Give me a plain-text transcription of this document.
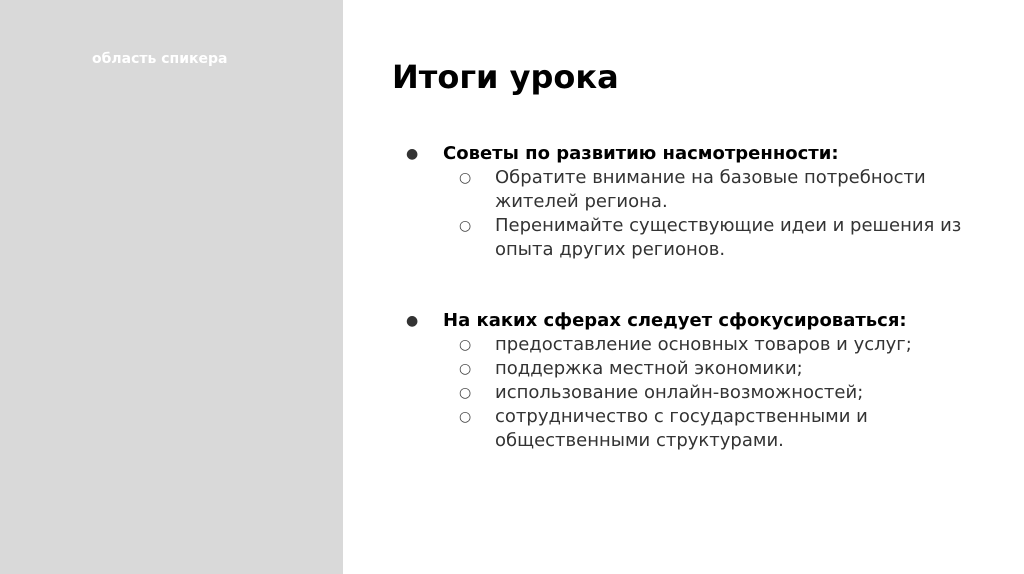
область спикера	Итоги урока
● Советы по развитию насмотренности:
○ Обратите внимание на базовые потребности жителей региона.
○ Перенимайте существующие идеи и решения из опыта других регионов.
● На каких сферах следует сфокусироваться:
○ предоставление основных товаров и услуг;
○ поддержка местной экономики;
○ использование онлайн-возможностей;
○ сотрудничество с государственными и общественными структурами.
